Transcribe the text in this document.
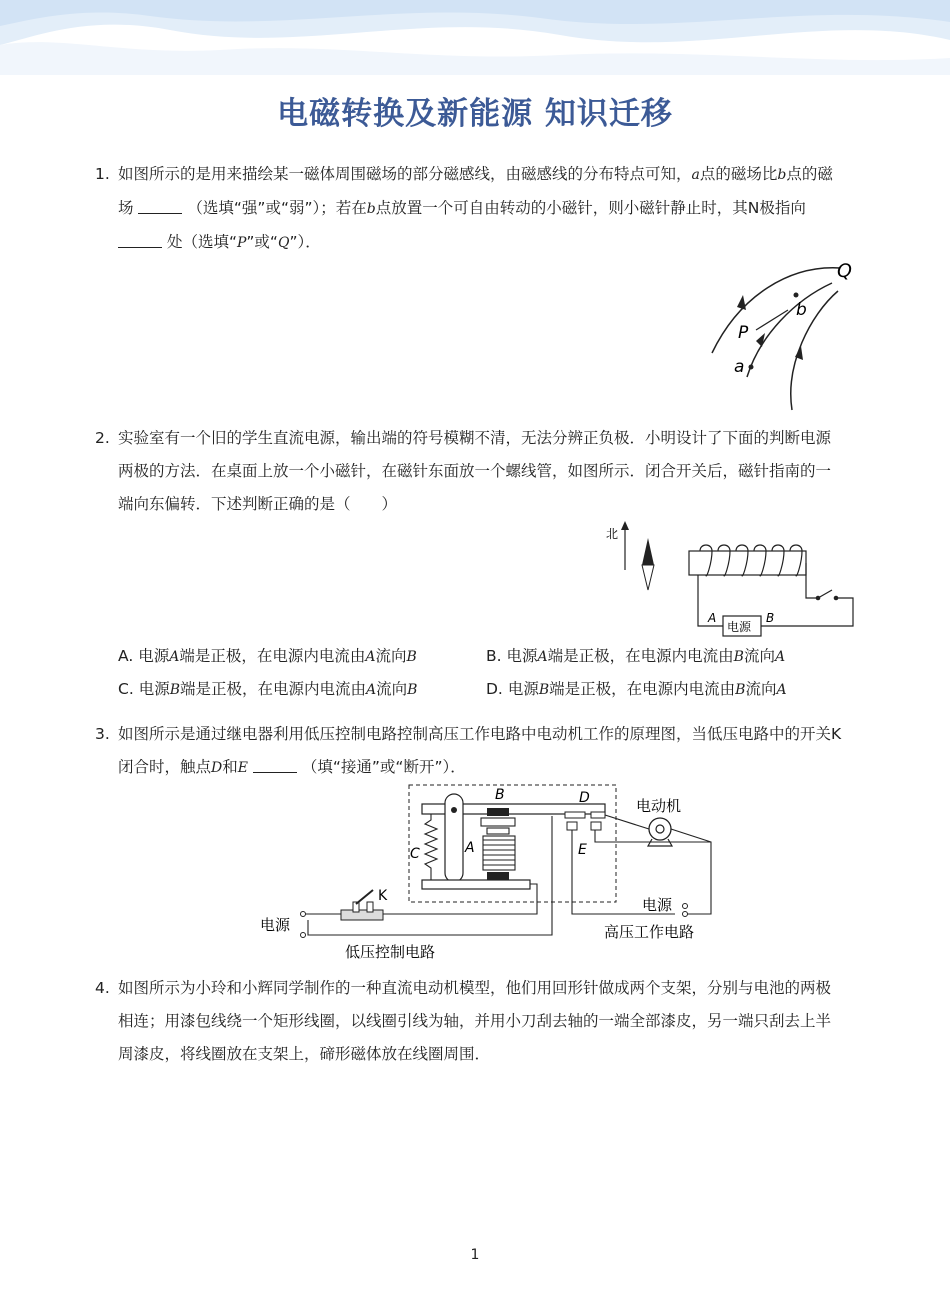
电磁转换及新能源 知识迁移
1. 如图所示的是用来描绘某一磁体周围磁场的部分磁感线，由磁感线的分布特点可知，a点的磁场比b点的磁场	（选填“强”或“弱”）；若在b点放置一个可自由转动的小磁针，则小磁针静止时，其N极指向  处（选填“P”或“Q”）．
Q
P
b
a
2. 实验室有一个旧的学生直流电源，输出端的符号模糊不清，无法分辨正负极．小明设计了下面的判断电源两极的方法．在桌面上放一个小磁针，在磁针东面放一个螺线管，如图所示．闭合开关后，磁针指南的一端向东偏转．下述判断正确的是（　　）
北
电源
A	B
A. 电源A端是正极，在电源内电流由A流向B	B. 电源A端是正极，在电源内电流由B流向A
C. 电源B端是正极，在电源内电流由A流向B	D. 电源B端是正极，在电源内电流由B流向A
3. 如图所示是通过继电器利用低压控制电路控制高压工作电路中电动机工作的原理图，当低压电路中的开关K闭合时，触点D和E	（填“接通”或“断开”）．
B	D
C	A	E
电动机
K
电源
电源
低压控制电路
高压工作电路
4. 如图所示为小玲和小辉同学制作的一种直流电动机模型，他们用回形针做成两个支架，分别与电池的两极相连；用漆包线绕一个矩形线圈，以线圈引线为轴，并用小刀刮去轴的一端全部漆皮，另一端只刮去上半周漆皮，将线圈放在支架上，碲形磁体放在线圈周围．
1
